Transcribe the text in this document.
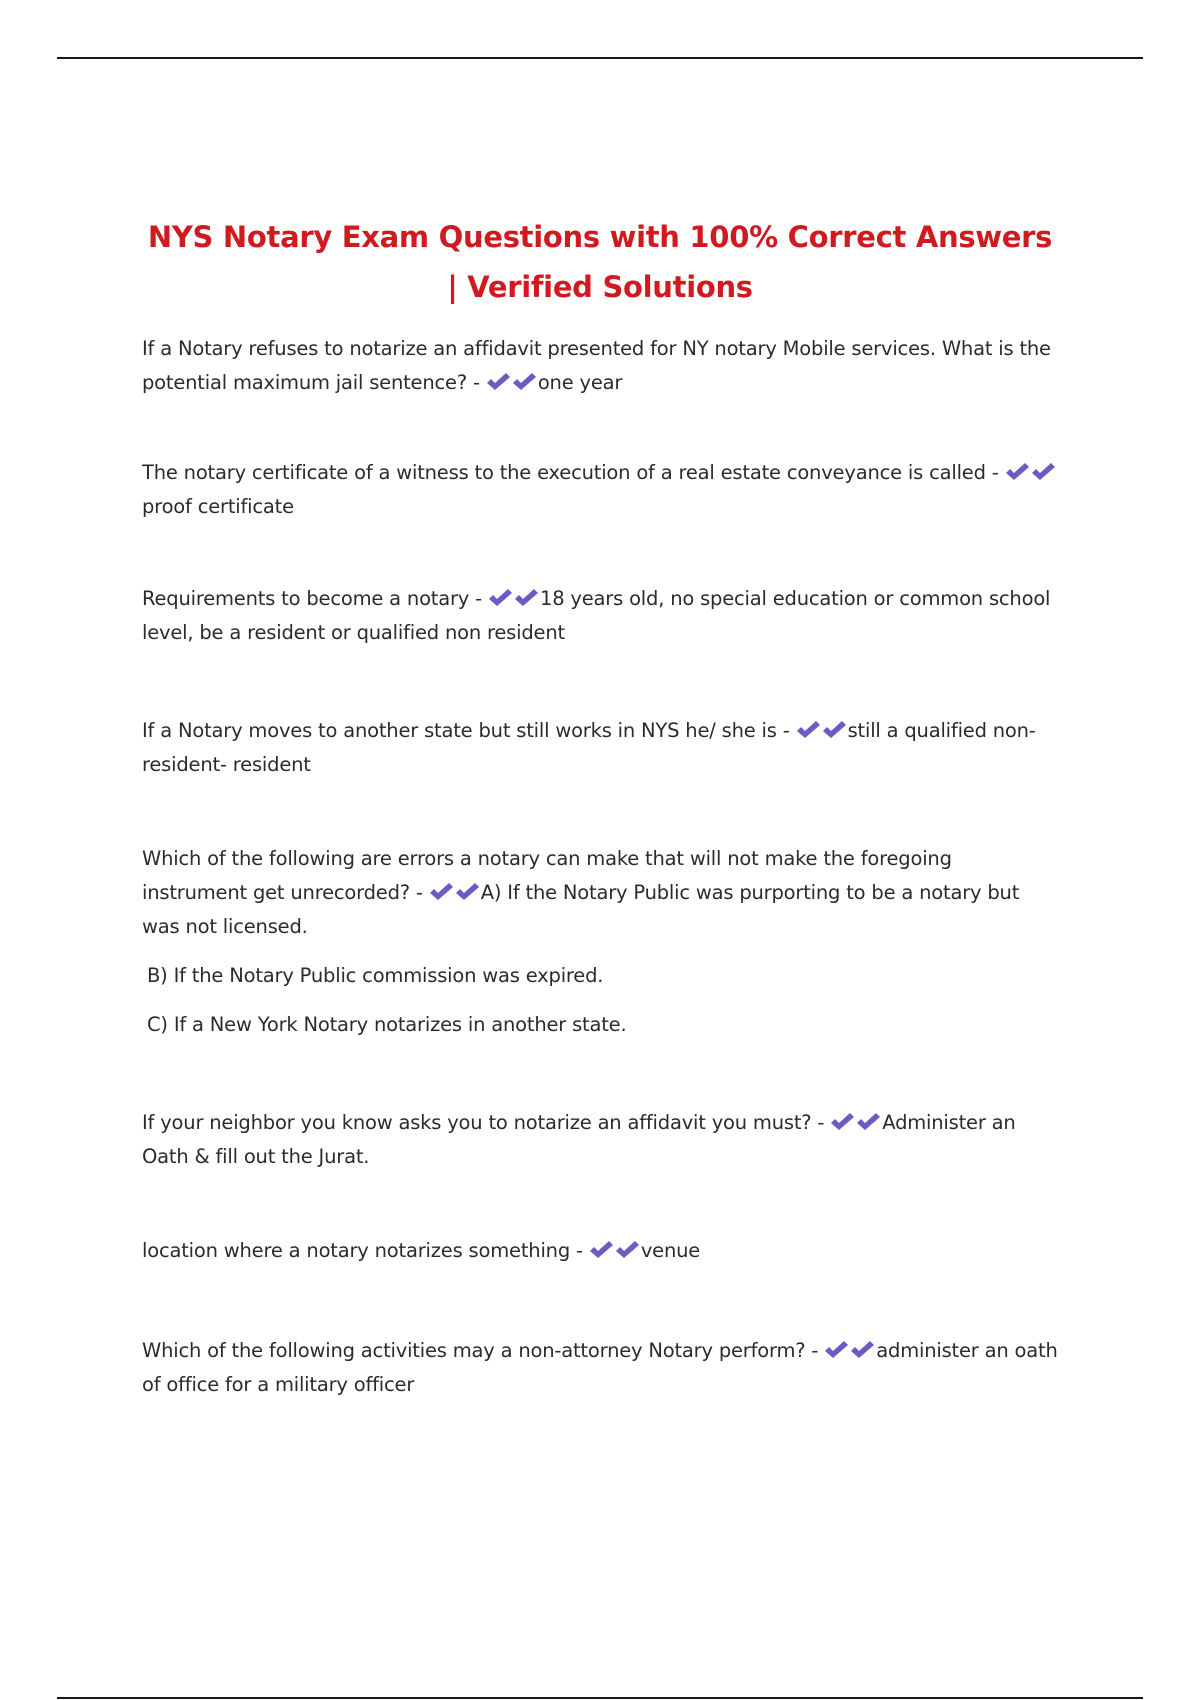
NYS Notary Exam Questions with 100% Correct Answers | Verified Solutions

If a Notary refuses to notarize an affidavit presented for NY notary Mobile services. What is the potential maximum jail sentence? -	one year

The notary certificate of a witness to the execution of a real estate conveyance is called -
proof certificate

Requirements to become a notary -	18 years old, no special education or common school level, be a resident or qualified non resident

If a Notary moves to another state but still works in NYS he/ she is -	still a qualified non-resident- resident

Which of the following are errors a notary can make that will not make the foregoing instrument get unrecorded? -	A) If the Notary Public was purporting to be a notary but was not licensed.
B) If the Notary Public commission was expired.
C) If a New York Notary notarizes in another state.

If your neighbor you know asks you to notarize an affidavit you must? -	Administer an Oath & fill out the Jurat.

location where a notary notarizes something -	venue

Which of the following activities may a non-attorney Notary perform? -	administer an oath of office for a military officer
